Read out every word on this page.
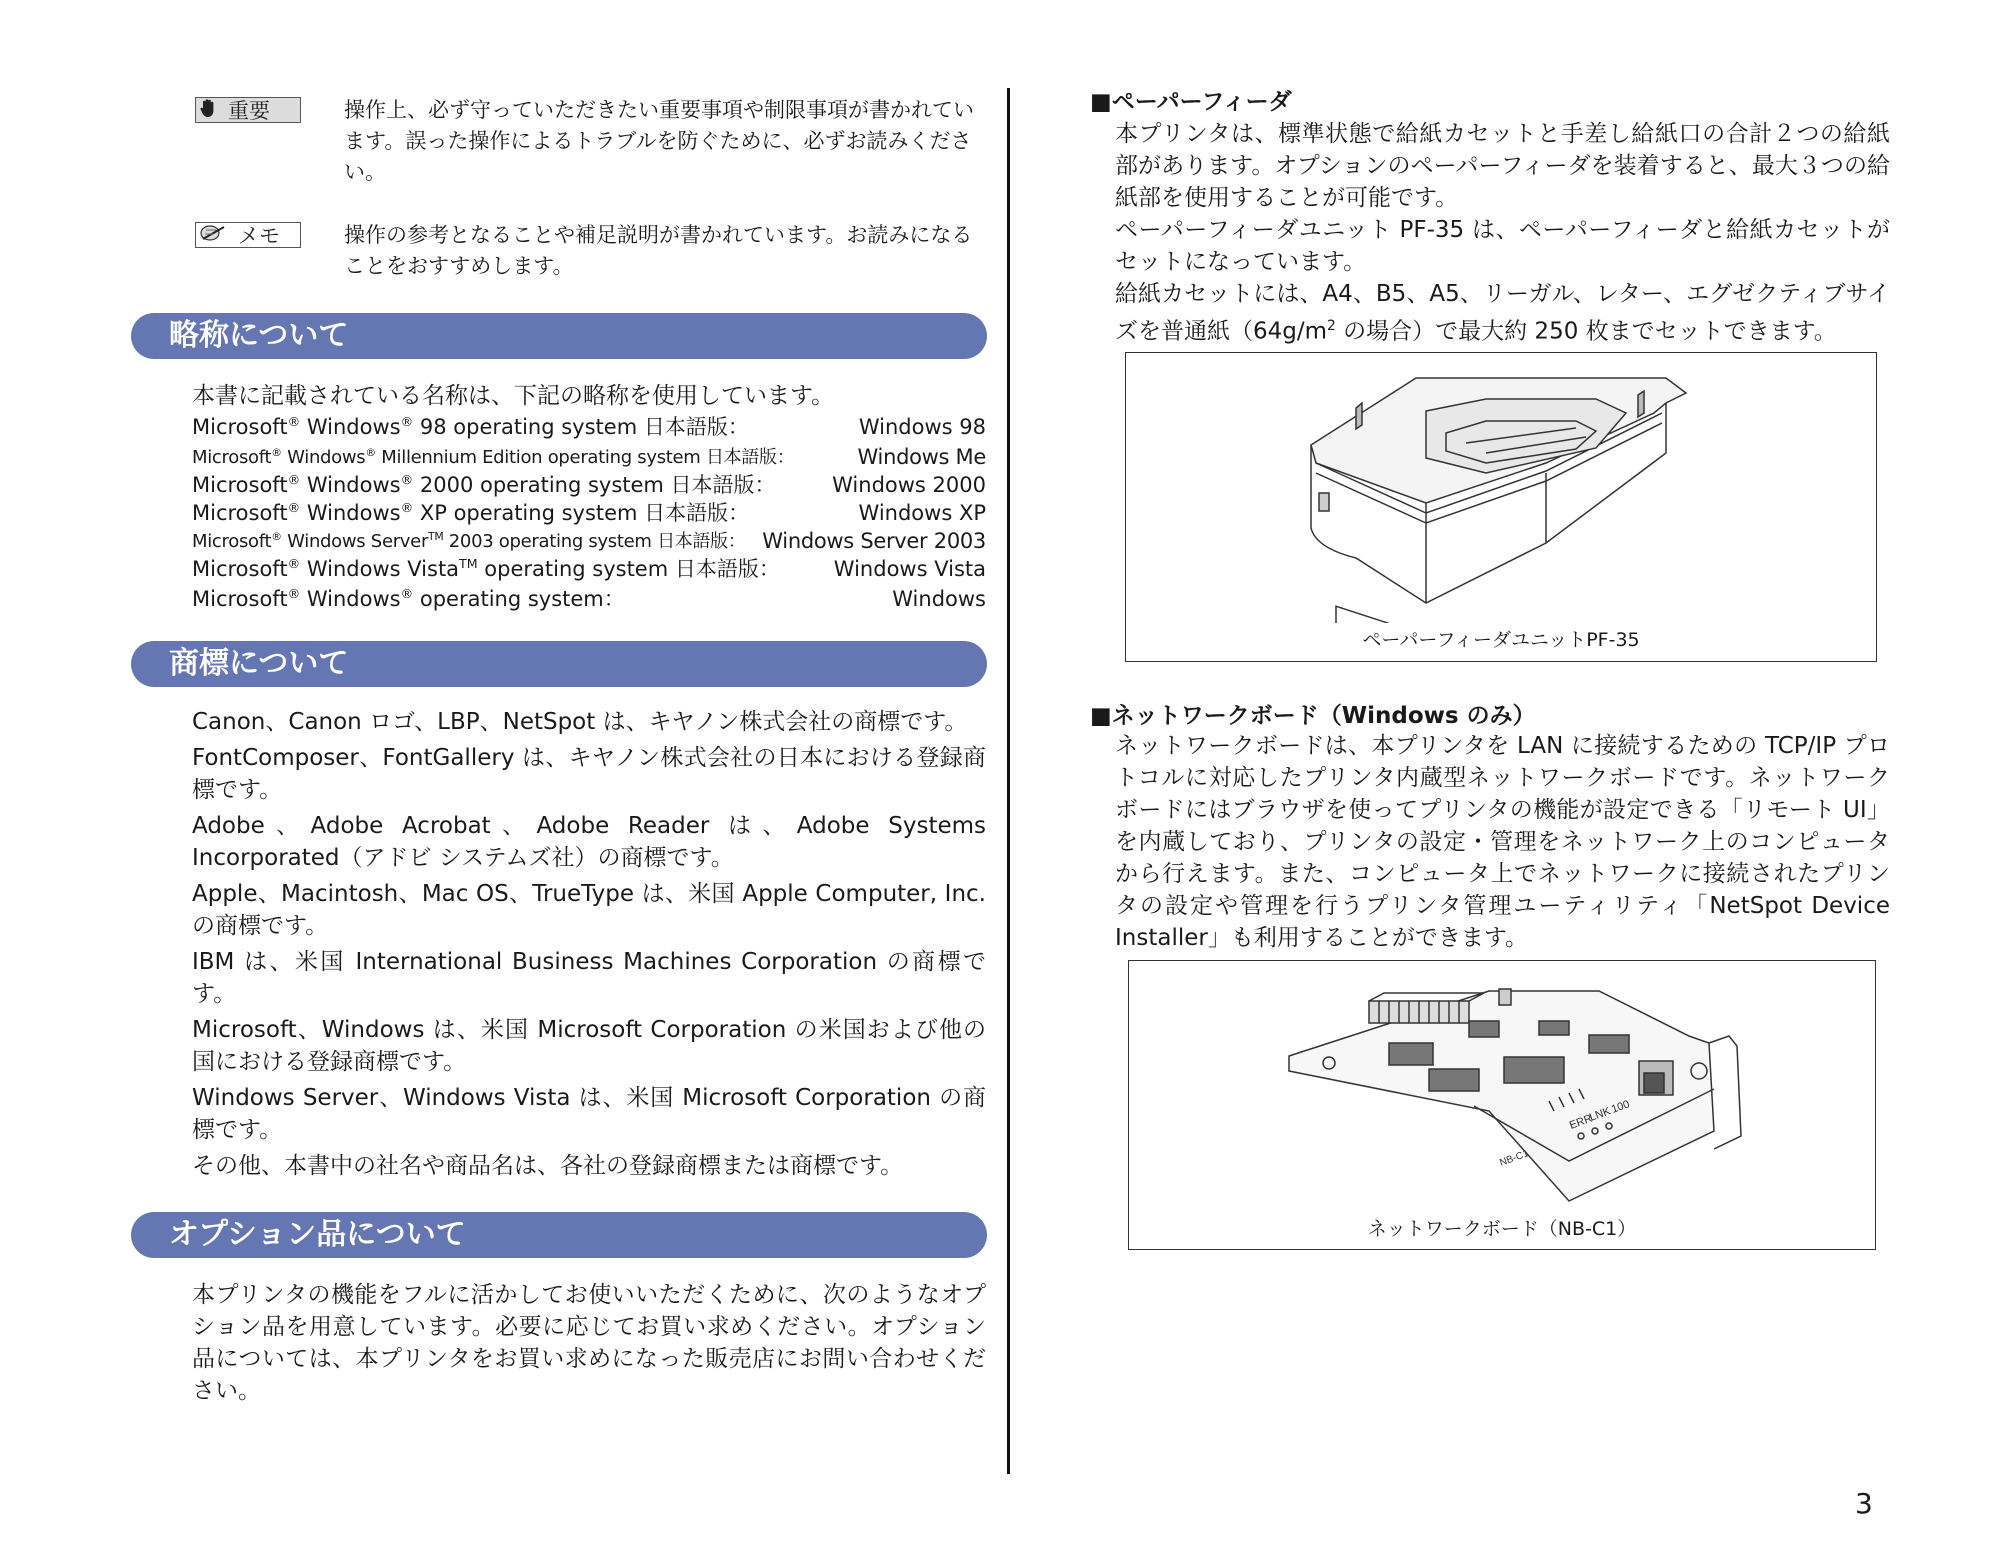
重要	操作上、必ず守っていただきたい重要事項や制限事項が書かれています。誤った操作によるトラブルを防ぐために、必ずお読みください。
メモ	操作の参考となることや補足説明が書かれています。お読みになることをおすすめします。
略称について
本書に記載されている名称は、下記の略称を使用しています。
Microsoft® Windows® 98 operating system 日本語版：	Windows 98
Microsoft® Windows® Millennium Edition operating system 日本語版：	Windows Me
Microsoft® Windows® 2000 operating system 日本語版：	Windows 2000
Microsoft® Windows® XP operating system 日本語版：	Windows XP
Microsoft® Windows Server™ 2003 operating system 日本語版： Windows Server 2003
Microsoft® Windows Vista™ operating system 日本語版：	Windows Vista
Microsoft® Windows® operating system：	Windows
商標について
Canon、Canon ロゴ、LBP、NetSpot は、キヤノン株式会社の商標です。
FontComposer、FontGallery は、キヤノン株式会社の日本における登録商標です。
Adobe、Adobe Acrobat、Adobe Reader は、Adobe Systems Incorporated（アドビ システムズ社）の商標です。
Apple、Macintosh、Mac OS、TrueType は、米国 Apple Computer, Inc. の商標です。
IBM は、米国 International Business Machines Corporation の商標です。
Microsoft、Windows は、米国 Microsoft Corporation の米国および他の国における登録商標です。
Windows Server、Windows Vista は、米国 Microsoft Corporation の商標です。
その他、本書中の社名や商品名は、各社の登録商標または商標です。
オプション品について
本プリンタの機能をフルに活かしてお使いいただくために、次のようなオプション品を用意しています。必要に応じてお買い求めください。オプション品については、本プリンタをお買い求めになった販売店にお問い合わせください。
■ペーパーフィーダ
本プリンタは、標準状態で給紙カセットと手差し給紙口の合計２つの給紙部があります。オプションのペーパーフィーダを装着すると、最大３つの給紙部を使用することが可能です。
ペーパーフィーダユニット PF-35 は、ペーパーフィーダと給紙カセットがセットになっています。
給紙カセットには、A4、B5、A5、リーガル、レター、エグゼクティブサイズを普通紙（$64g/m^2$ の場合）で最大約 250 枚までセットできます。
ペーパーフィーダユニットPF-35
■ネットワークボード（Windows のみ）
ネットワークボードは、本プリンタを LAN に接続するための TCP/IP プロトコルに対応したプリンタ内蔵型ネットワークボードです。ネットワークボードにはブラウザを使ってプリンタの機能が設定できる「リモート UI」を内蔵しており、プリンタの設定・管理をネットワーク上のコンピュータから行えます。また、コンピュータ上でネットワークに接続されたプリンタの設定や管理を行うプリンタ管理ユーティリティ「NetSpot Device Installer」も利用することができます。
ERR
LNK
100
NB-C1
ネットワークボード（NB-C1）
3
